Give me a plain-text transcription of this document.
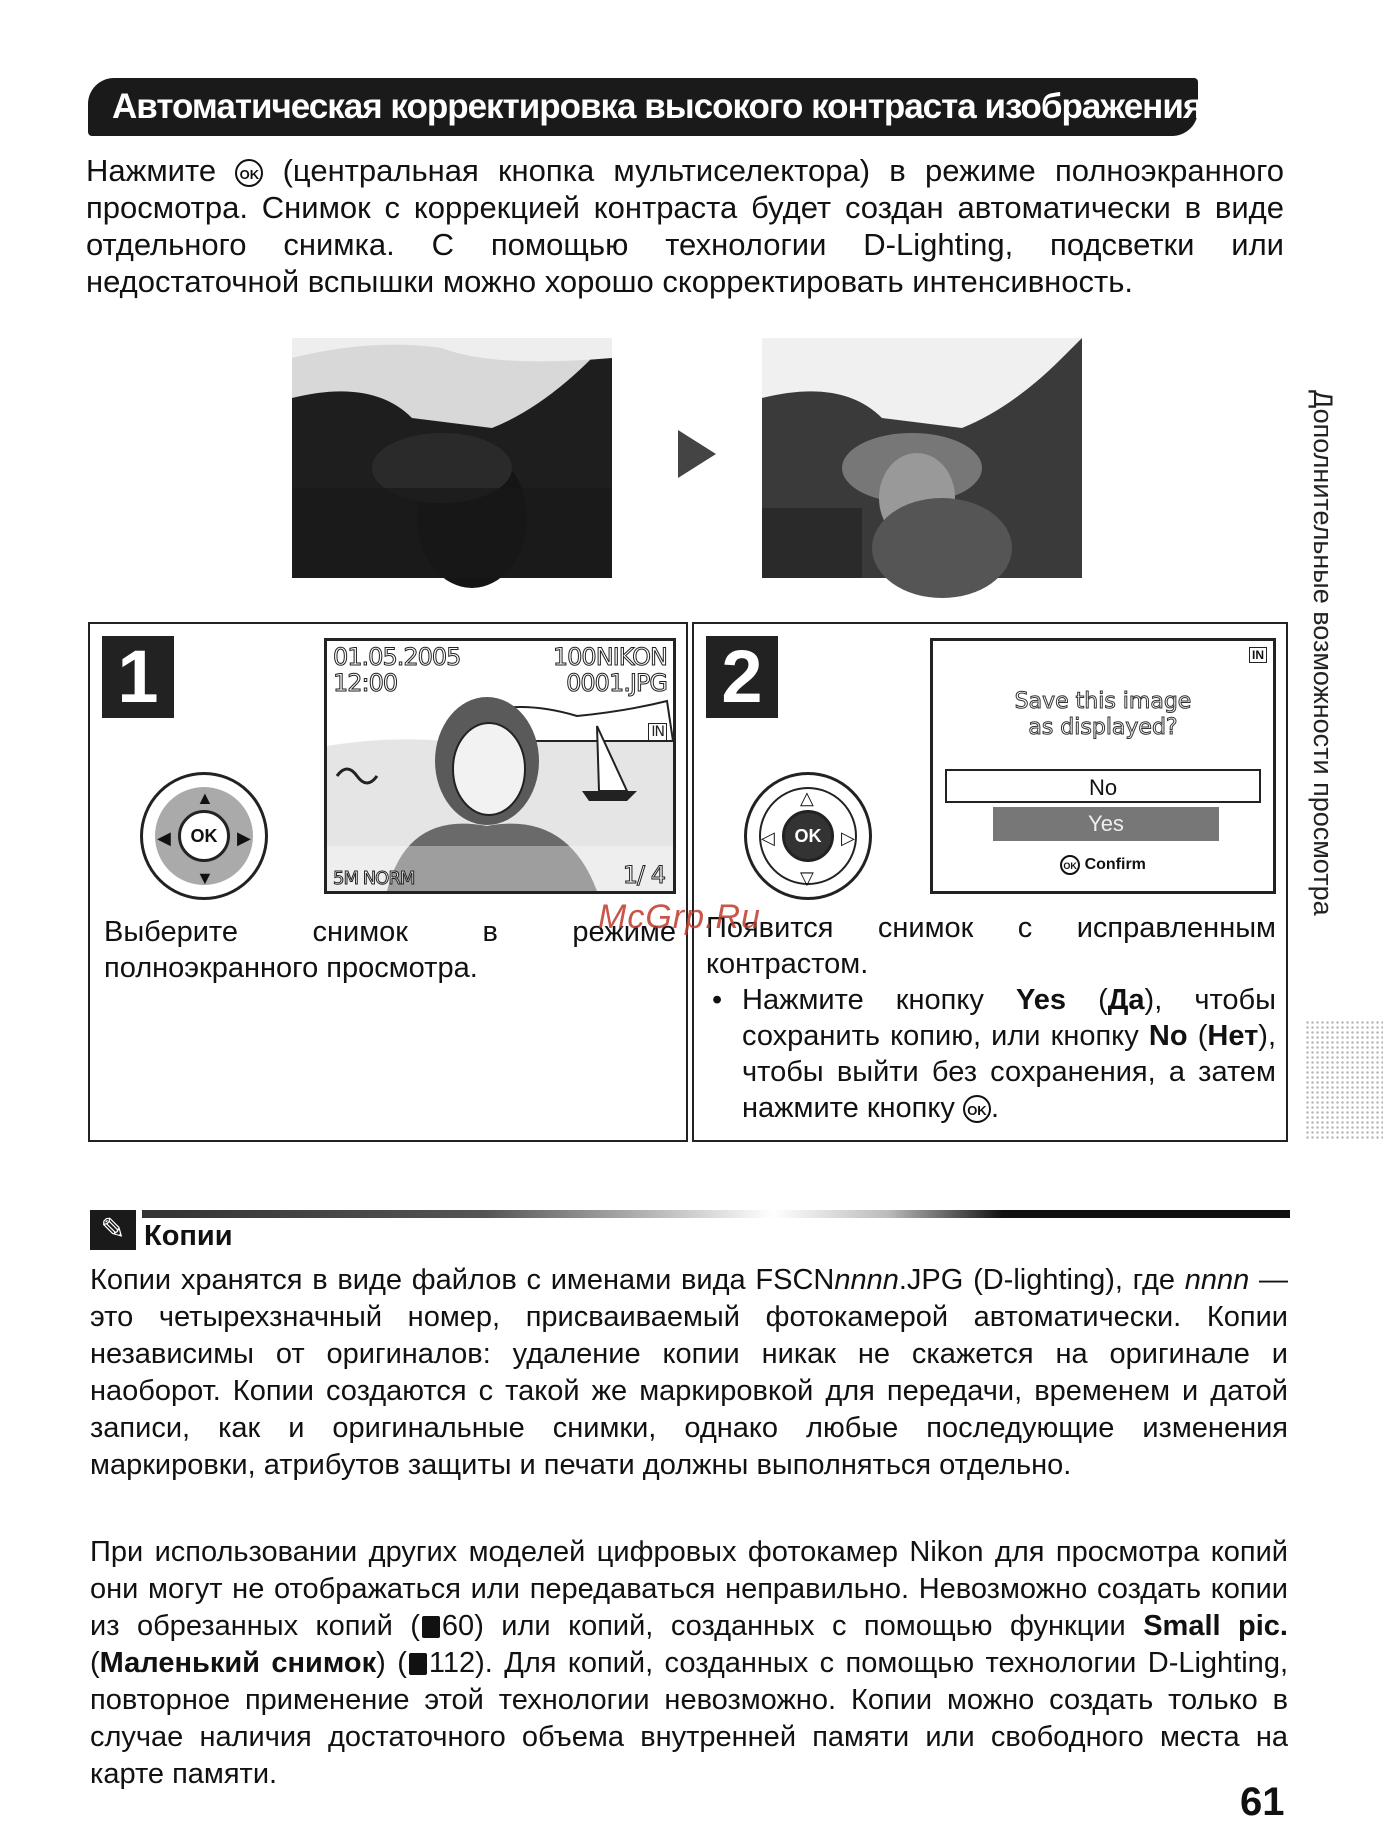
Автоматическая корректировка высокого контраста изображения (D-Lighting)
Нажмите OK (центральная кнопка мультиселектора) в режиме полноэкранного просмотра. Снимок с коррекцией контраста будет создан автоматически в виде отдельного снимка. С помощью технологии D-Lighting, подсветки или недостаточной вспышки можно хорошо скорректировать интенсивность.
Дополнительные возможности просмотра
1
▲
▼
◀	▶
OK
01.05.2005
12:00
100NIKON
0001.JPG
IN
5M NORM	1/ 4
Выберите снимок в режиме полноэкранного просмотра.
2
△
▽
◁	▷
OK
IN
Save this image
as displayed?
No
Yes
OK Confirm
Появится снимок с исправленным контрастом.
• Нажмите кнопку Yes (Да), чтобы сохранить копию, или кнопку No (Нет), чтобы выйти без сохранения, а затем нажмите кнопку OK .
McGrp.Ru
✎ Копии
Копии хранятся в виде файлов с именами вида FSCNnnnn.JPG (D-lighting), где nnnn — это четырехзначный номер, присваиваемый фотокамерой автоматически. Копии независимы от оригиналов: удаление копии никак не скажется на оригинале и наоборот. Копии создаются с такой же маркировкой для передачи, временем и датой записи, как и оригинальные снимки, однако любые последующие изменения маркировки, атрибутов защиты и печати должны выполняться отдельно.
При использовании других моделей цифровых фотокамер Nikon для просмотра копий они могут не отображаться или передаваться неправильно. Невозможно создать копии из обрезанных копий ( 60) или копий, созданных с помощью функции Small pic. (Маленький снимок) ( 112). Для копий, созданных с помощью технологии D-Lighting, повторное применение этой технологии невозможно. Копии можно создать только в случае наличия достаточного объема внутренней памяти или свободного места на карте памяти.
61
